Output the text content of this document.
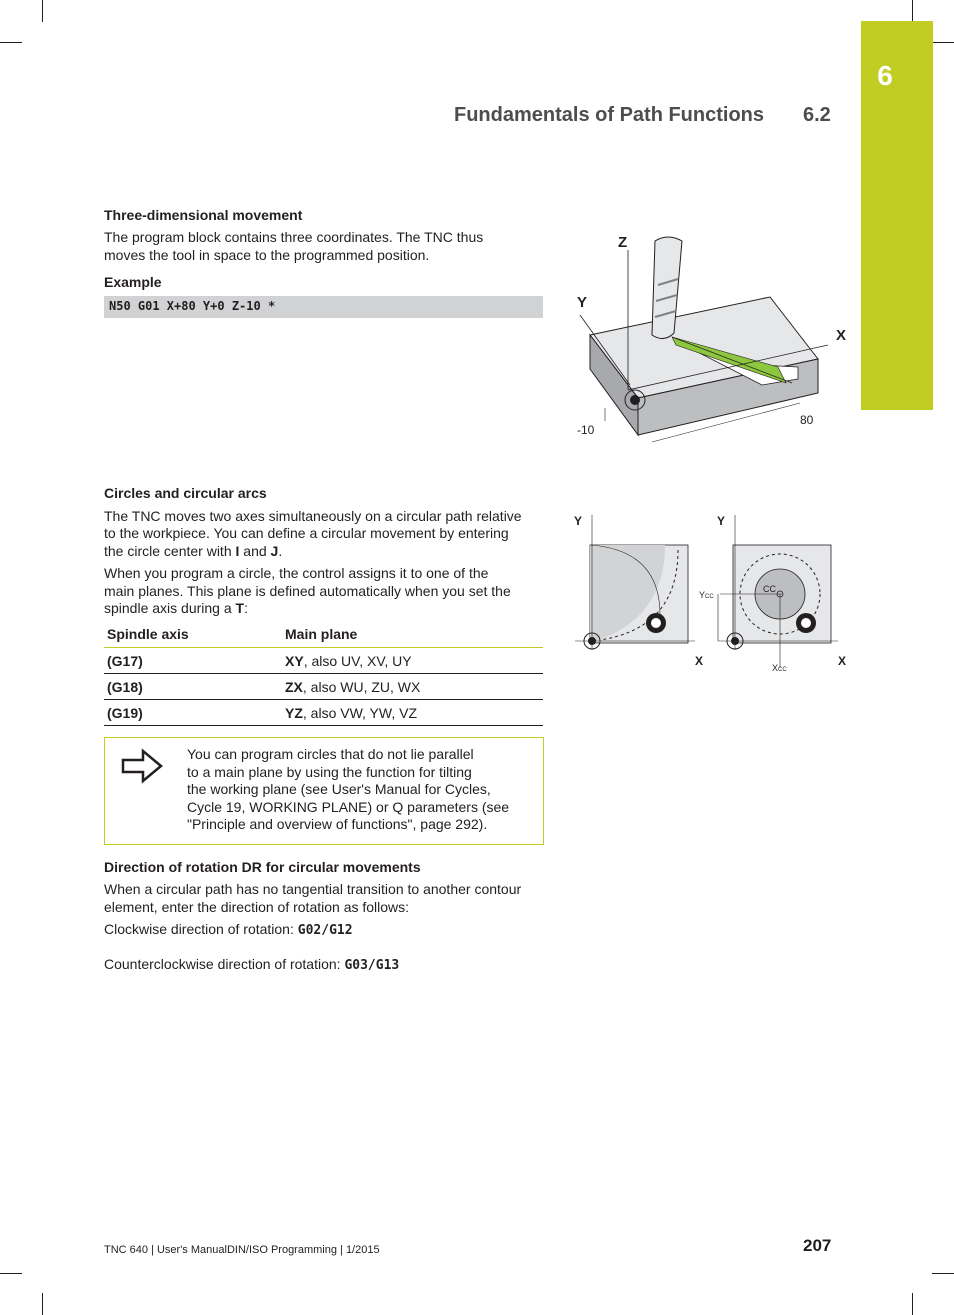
6
Fundamentals of Path Functions 6.2
Three-dimensional movement
The program block contains three coordinates. The TNC thus
moves the tool in space to the programmed position.
Example
N50 G01 X+80 Y+0 Z-10 *
Z
Y
X
-10
80
Circles and circular arcs
The TNC moves two axes simultaneously on a circular path relative
to the workpiece. You can define a circular movement by entering
the circle center with I and J.
When you program a circle, the control assigns it to one of the
main planes. This plane is defined automatically when you set the
spindle axis during a T:
Y
X
Y
X
CC
YCC
XCC
Spindle axis	Main plane
(G17)	XY, also UV, XV, UY
(G18)	ZX, also WU, ZU, WX
(G19)	YZ, also VW, YW, VZ
You can program circles that do not lie parallel
to a main plane by using the function for tilting
the working plane (see User's Manual for Cycles,
Cycle 19, WORKING PLANE) or Q parameters (see
"Principle and overview of functions", page 292).
Direction of rotation DR for circular movements
When a circular path has no tangential transition to another contour
element, enter the direction of rotation as follows:
Clockwise direction of rotation: G02/G12
Counterclockwise direction of rotation: G03/G13
TNC 640 | User's ManualDIN/ISO Programming | 1/2015	207
